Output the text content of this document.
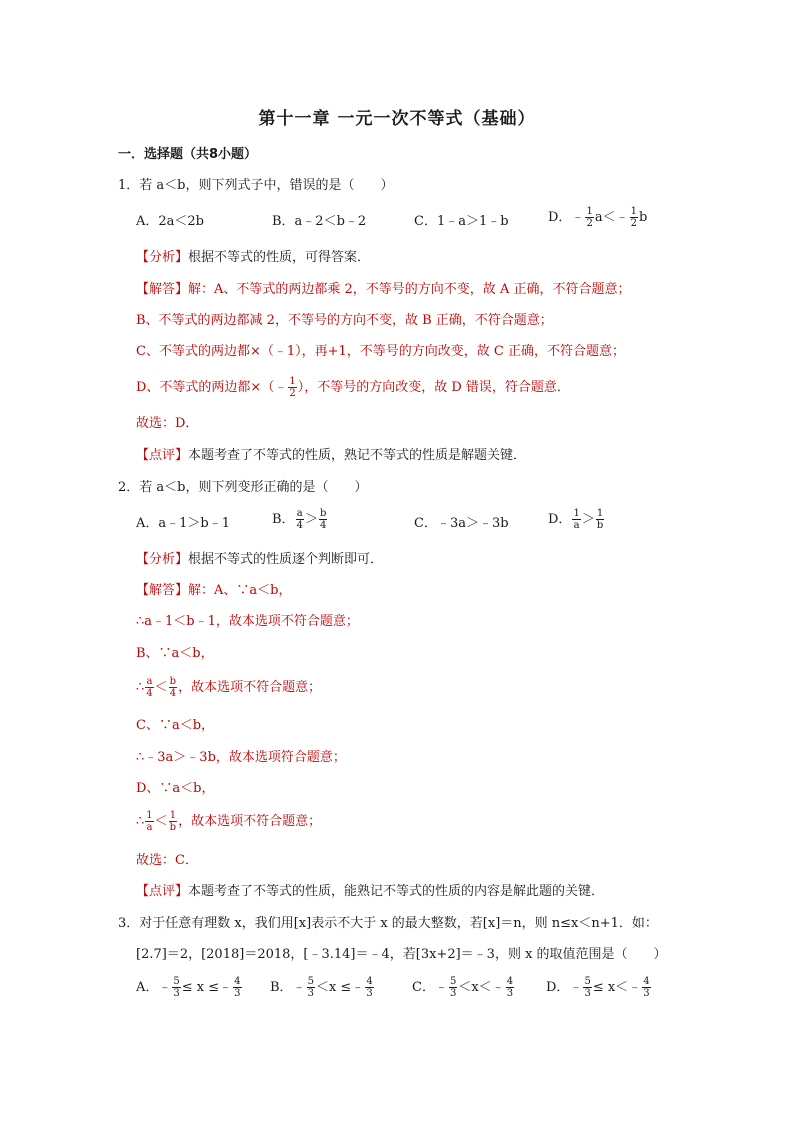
第十一章 一元一次不等式（基础）
一．选择题（共8小题）
1．若 a＜b，则下列式子中，错误的是（　　）
A．2a＜2b	B．a﹣2＜b﹣2	C．1﹣a＞1﹣b	D．﹣ $\frac{1}{2}$ a＜﹣ $\frac{1}{2}$ b
【分析】根据不等式的性质，可得答案．
【解答】解：A、不等式的两边都乘 2，不等号的方向不变，故 A 正确，不符合题意；
B、不等式的两边都减 2，不等号的方向不变，故 B 正确，不符合题意；
C、不等式的两边都×（﹣1），再+1，不等号的方向改变，故 C 正确，不符合题意；
D、不等式的两边都×（﹣ $\frac{1}{2}$ ），不等号的方向改变，故 D 错误，符合题意．
故选：D．
【点评】本题考查了不等式的性质，熟记不等式的性质是解题关键．
2．若 a＜b，则下列变形正确的是（　　）
A．a﹣1＞b﹣1	B． $\frac{a}{4} > \frac{b}{4}$	C．﹣3a＞﹣3b	D． $\frac{1}{a} > \frac{1}{b}$
【分析】根据不等式的性质逐个判断即可．
【解答】解：A、∵a＜b，
∴a﹣1＜b﹣1，故本选项不符合题意；
B、∵a＜b，
∴ $\frac{a}{4} < \frac{b}{4}$ ，故本选项不符合题意；
C、∵a＜b，
∴﹣3a＞﹣3b，故本选项符合题意；
D、∵a＜b，
∴ $\frac{1}{a} < \frac{1}{b}$ ，故本选项不符合题意；
故选：C．
【点评】本题考查了不等式的性质，能熟记不等式的性质的内容是解此题的关键．
3．对于任意有理数 x，我们用[x]表示不大于 x 的最大整数，若[x]＝n，则 n≤x＜n+1．如：
[2.7]＝2，[2018]＝2018，[﹣3.14]＝﹣4，若[3x+2]＝﹣3，则 x 的取值范围是（　　）
A．﹣ $\frac{5}{3} \le x$ ≤﹣ $\frac{4}{3}$ B．﹣ $\frac{5}{3} <x$ ≤﹣ $\frac{4}{3}$	C．﹣ $\frac{5}{3}$ ＜x＜﹣ $\frac{4}{3}$ D．﹣ $\frac{5}{3}$ ≤ x＜﹣ $\frac{4}{3}$
